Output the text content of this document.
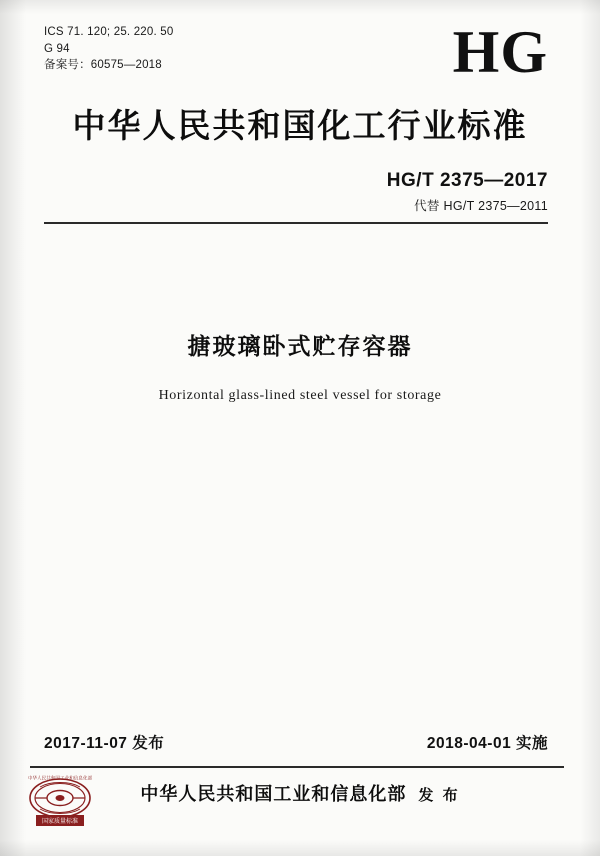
ICS 71. 120; 25. 220. 50
G 94
备案号：60575—2018	HG
中华人民共和国化工行业标准
HG/T 2375—2017
代替 HG/T 2375—2011
搪玻璃卧式贮存容器
Horizontal glass-lined steel vessel for storage
2017-11-07 发布	2018-04-01 实施
国家质量标准
中华人民共和国工业和信息化部
中华人民共和国工业和信息化部 发 布
